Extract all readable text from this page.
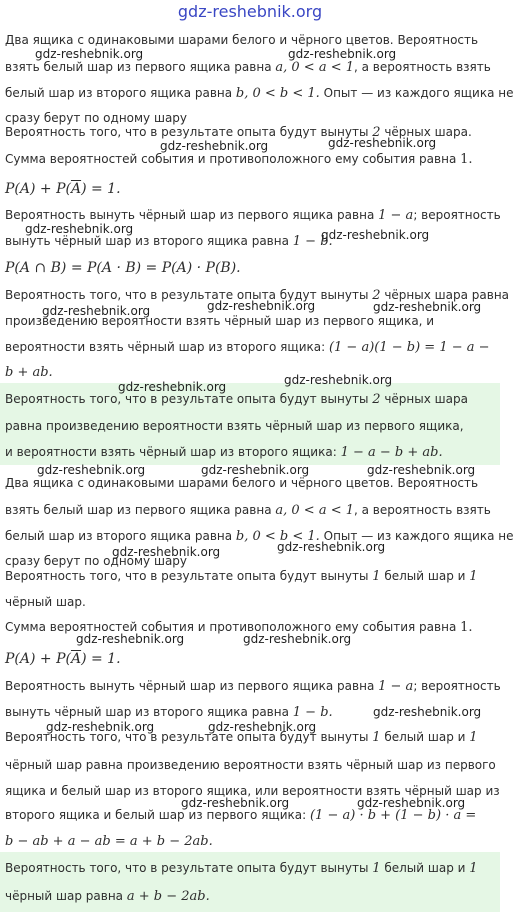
gdz-reshebnik.org
Два ящика с одинаковыми шарами белого и чёрного цветов. Вероятность
взять белый шар из первого ящика равна a, 0 < a < 1, а вероятность взять
белый шар из второго ящика равна b, 0 < b < 1. Опыт — из каждого ящика не
сразу берут по одному шару
Вероятность того, что в результате опыта будут вынуты 2 чёрных шара.
Сумма вероятностей события и противоположного ему события равна 1.
$P(A) + P(\overline{A}) = 1$.
Вероятность вынуть чёрный шар из первого ящика равна 1 − a; вероятность
вынуть чёрный шар из второго ящика равна 1 − b.
P(A ∩ B) = P(A · B) = P(A) · P(B).
Вероятность того, что в результате опыта будут вынуты 2 чёрных шара равна
произведению вероятности взять чёрный шар из первого ящика, и
вероятности взять чёрный шар из второго ящика: (1 − a)(1 − b) = 1 − a −
b + ab.
Вероятность того, что в результате опыта будут вынуты 2 чёрных шара
равна произведению вероятности взять чёрный шар из первого ящика,
и вероятности взять чёрный шар из второго ящика: 1 − a − b + ab.
Два ящика с одинаковыми шарами белого и чёрного цветов. Вероятность
взять белый шар из первого ящика равна a, 0 < a < 1, а вероятность взять
белый шар из второго ящика равна b, 0 < b < 1. Опыт — из каждого ящика не
сразу берут по одному шару
Вероятность того, что в результате опыта будут вынуты 1 белый шар и 1
чёрный шар.
Сумма вероятностей события и противоположного ему события равна 1.
$P(A) + P(\overline{A}) = 1$.
Вероятность вынуть чёрный шар из первого ящика равна 1 − a; вероятность
вынуть чёрный шар из второго ящика равна 1 − b.
Вероятность того, что в результате опыта будут вынуты 1 белый шар и 1
чёрный шар равна произведению вероятности взять чёрный шар из первого
ящика и белый шар из второго ящика, или вероятности взять чёрный шар из
второго ящика и белый шар из первого ящика: (1 − a) · b + (1 − b) · a =
b − ab + a − ab = a + b − 2ab.
Вероятность того, что в результате опыта будут вынуты 1 белый шар и 1
чёрный шар равна a + b − 2ab.
gdz-reshebnik.org	gdz-reshebnik.org
gdz-reshebnik.org	gdz-reshebnik.org
gdz-reshebnik.org	gdz-reshebnik.org
gdz-reshebnik.org	gdz-reshebnik.org	gdz-reshebnik.org
gdz-reshebnik.org	gdz-reshebnik.org
gdz-reshebnik.org	gdz-reshebnik.org	gdz-reshebnik.org
gdz-reshebnik.org	gdz-reshebnik.org
gdz-reshebnik.org	gdz-reshebnik.org
gdz-reshebnik.org	gdz-reshebnik.org
gdz-reshebnik.org
gdz-reshebnik.org	gdz-reshebnik.org
